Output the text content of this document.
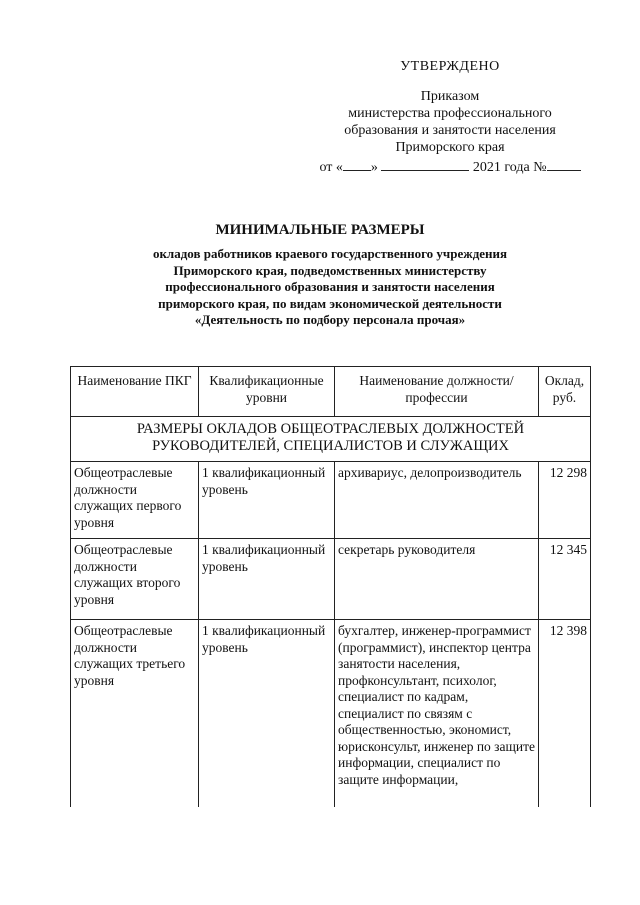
УТВЕРЖДЕНО
Приказом
министерства профессионального
образования и занятости населения
Приморского края
от « »	2021 года №
МИНИМАЛЬНЫЕ РАЗМЕРЫ
окладов работников краевого государственного учреждения Приморского края, подведомственных министерству профессионального образования и занятости населения приморского края, по видам экономической деятельности «Деятельность по подбору персонала прочая»
Наименование ПКГ	Квалификационные уровни	Наименование должности/профессии	Оклад, руб.
РАЗМЕРЫ ОКЛАДОВ ОБЩЕОТРАСЛЕВЫХ ДОЛЖНОСТЕЙ РУКОВОДИТЕЛЕЙ, СПЕЦИАЛИСТОВ И СЛУЖАЩИХ			
Общеотраслевые должности служащих первого уровня	1 квалификационный уровень	архивариус, делопроизводитель	12 298
Общеотраслевые должности служащих второго уровня	1 квалификационный уровень	секретарь руководителя	12 345
Общеотраслевые должности служащих третьего уровня	1 квалификационный уровень	бухгалтер, инженер-программист (программист), инспектор центра занятости населения, профконсультант, психолог, специалист по кадрам, специалист по связям с общественностью, экономист, юрисконсульт, инженер по защите информации, специалист по защите информации,	12 398
